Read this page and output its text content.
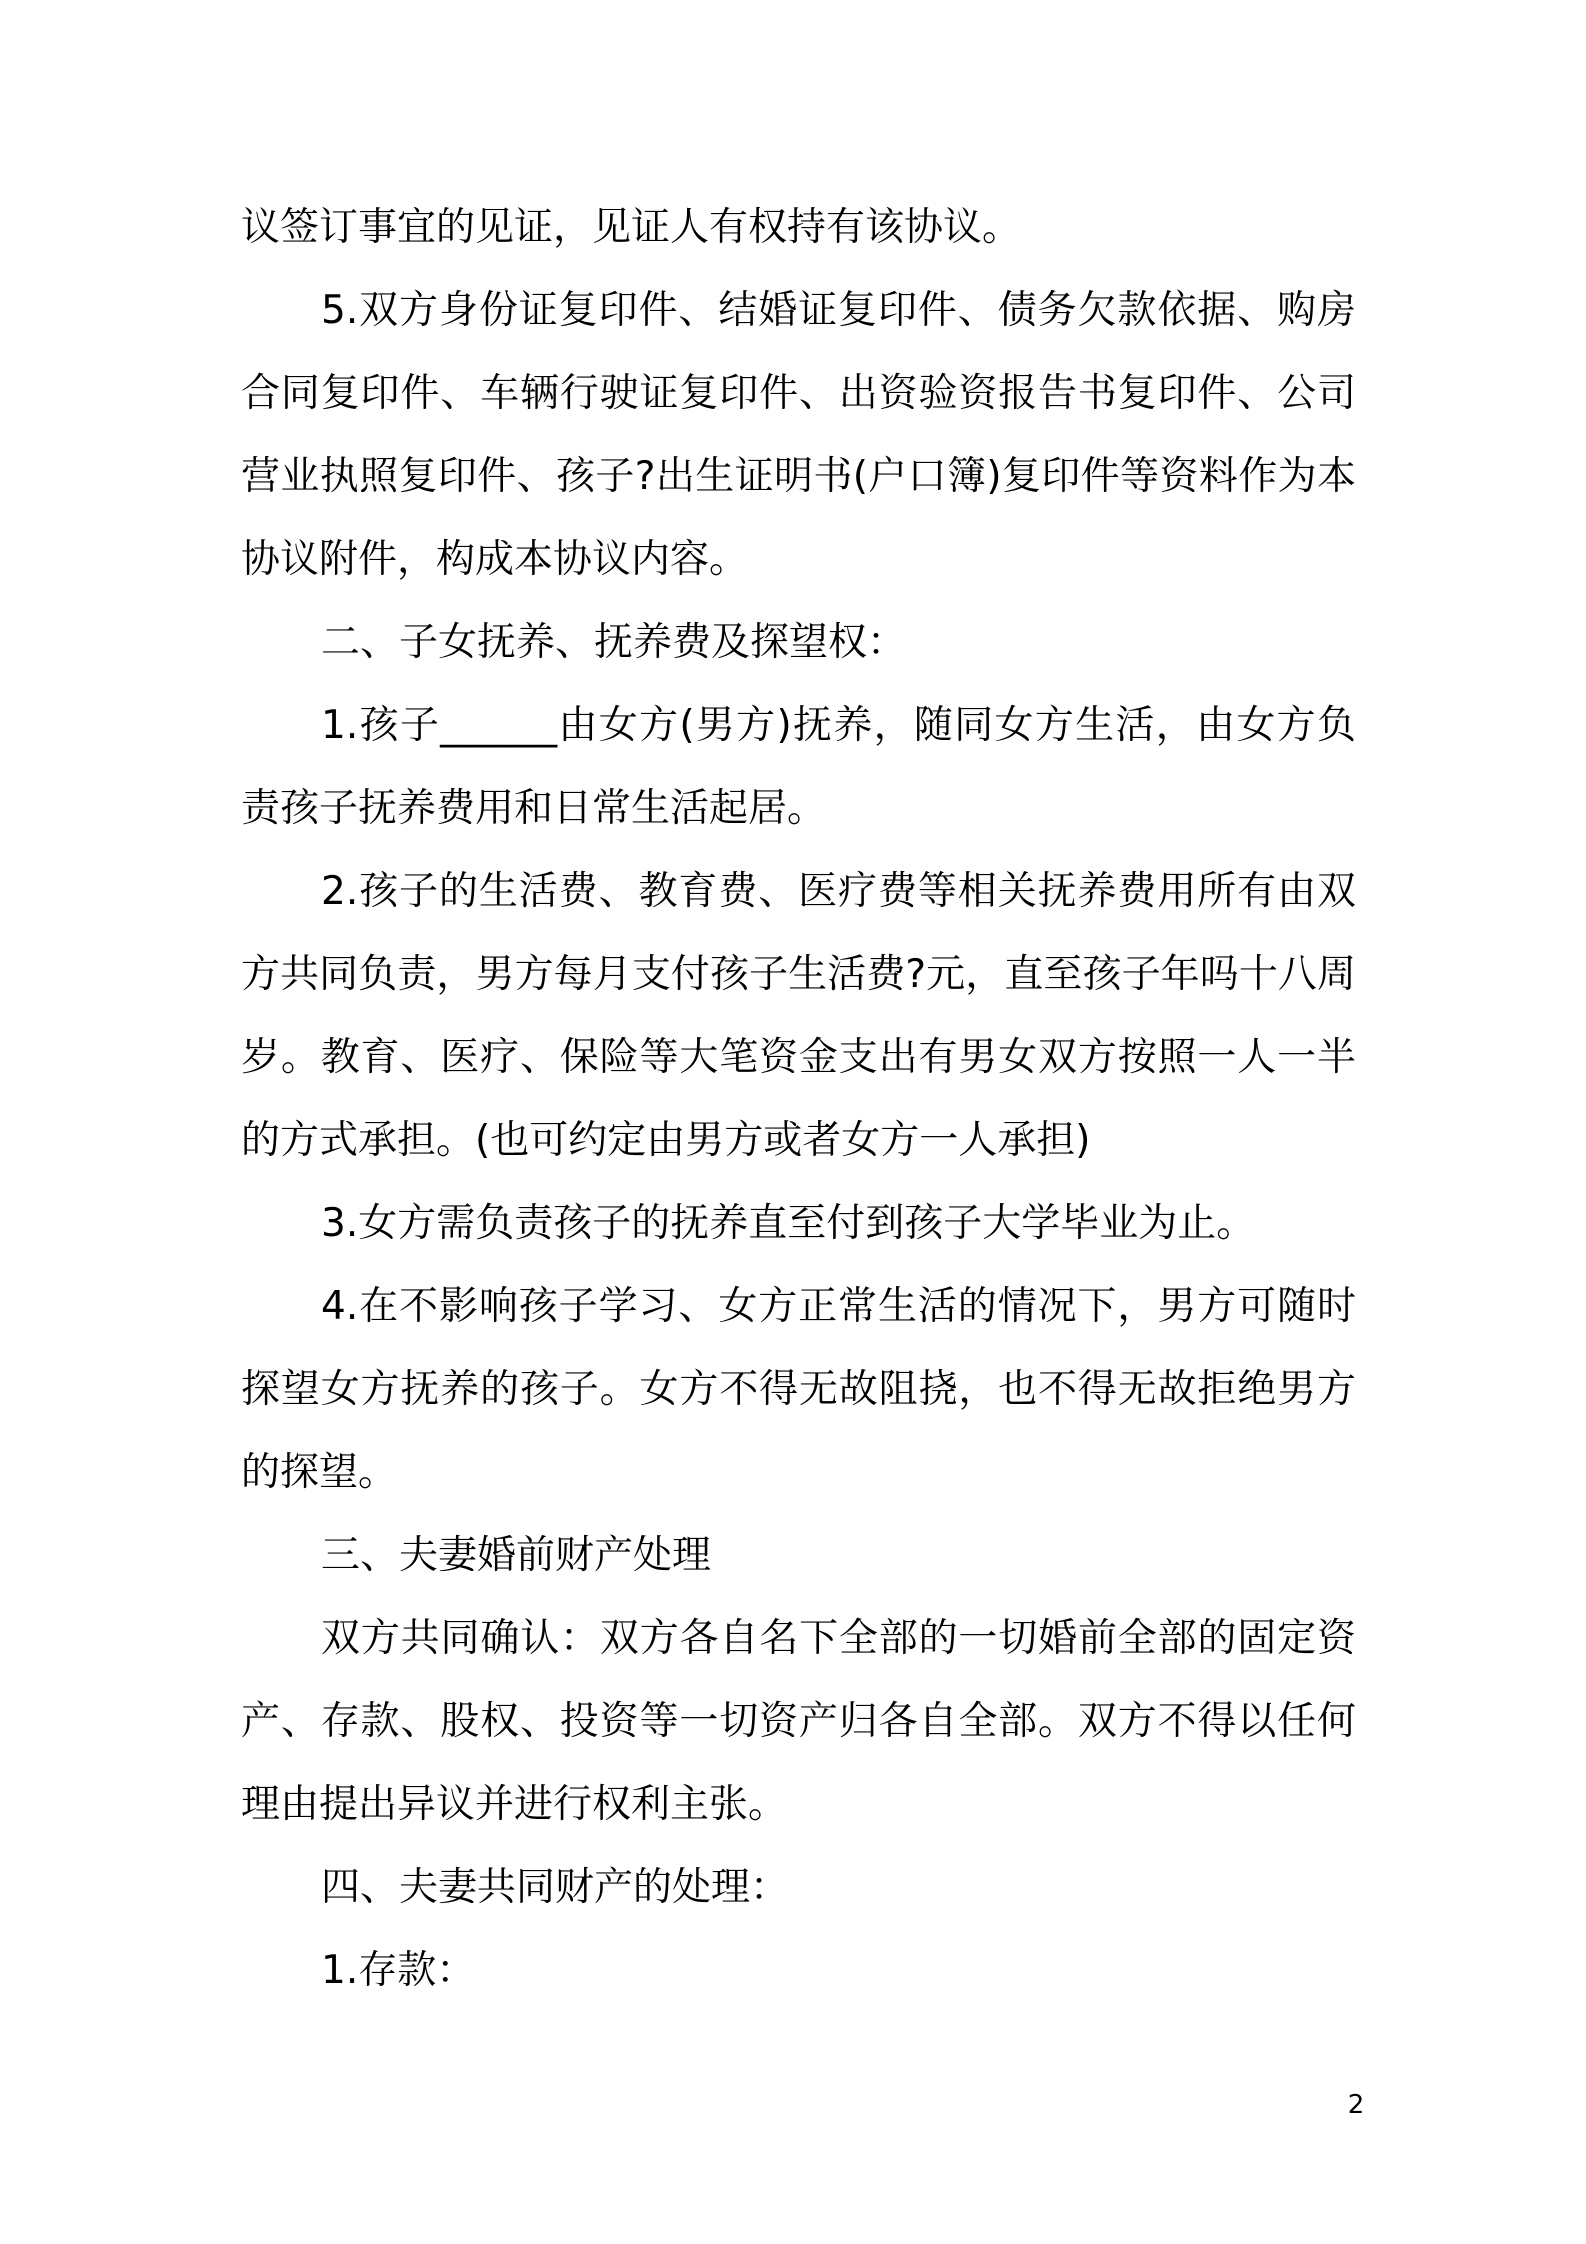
议签订事宜的见证，见证人有权持有该协议。

5.双方身份证复印件、结婚证复印件、债务欠款依据、购房合同复印件、车辆行驶证复印件、出资验资报告书复印件、公司营业执照复印件、孩子?出生证明书(户口簿)复印件等资料作为本协议附件，构成本协议内容。

二、子女抚养、抚养费及探望权：

1.孩子______由女方(男方)抚养，随同女方生活，由女方负责孩子抚养费用和日常生活起居。

2.孩子的生活费、教育费、医疗费等相关抚养费用所有由双方共同负责，男方每月支付孩子生活费?元，直至孩子年吗十八周岁。教育、医疗、保险等大笔资金支出有男女双方按照一人一半的方式承担。(也可约定由男方或者女方一人承担)

3.女方需负责孩子的抚养直至付到孩子大学毕业为止。

4.在不影响孩子学习、女方正常生活的情况下，男方可随时探望女方抚养的孩子。女方不得无故阻挠，也不得无故拒绝男方的探望。

三、夫妻婚前财产处理

双方共同确认：双方各自名下全部的一切婚前全部的固定资产、存款、股权、投资等一切资产归各自全部。双方不得以任何理由提出异议并进行权利主张。

四、夫妻共同财产的处理：

1.存款：

2
